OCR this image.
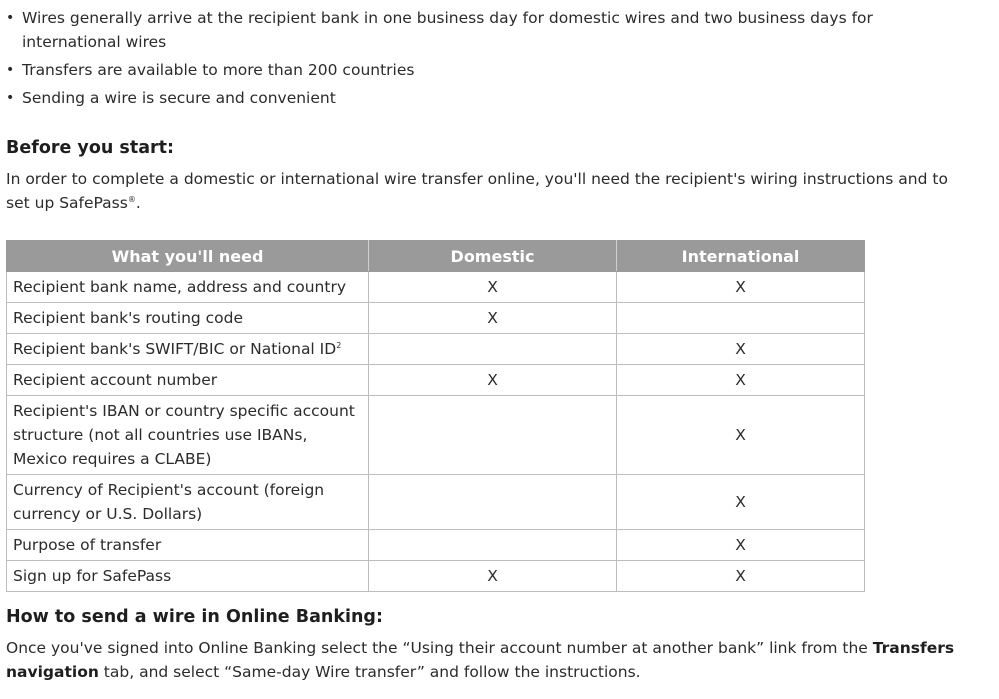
• Wires generally arrive at the recipient bank in one business day for domestic wires and two business days for international wires
• Transfers are available to more than 200 countries
• Sending a wire is secure and convenient
Before you start:

In order to complete a domestic or international wire transfer online, you'll need the recipient's wiring instructions and to set up SafePass®.

What you'll need	Domestic	International
Recipient bank name, address and country	X	X
Recipient bank's routing code	X	
Recipient bank's SWIFT/BIC or National $ID^2$		X
Recipient account number	X	X
Recipient's IBAN or country specific account structure (not all countries use IBANs, Mexico requires a CLABE)		X
Currency of Recipient's account (foreign currency or U.S. Dollars)		X
Purpose of transfer		X
Sign up for SafePass	X	X
How to send a wire in Online Banking:

Once you've signed into Online Banking select the “Using their account number at another bank” link from the Transfers navigation tab, and select “Same-day Wire transfer” and follow the instructions.
